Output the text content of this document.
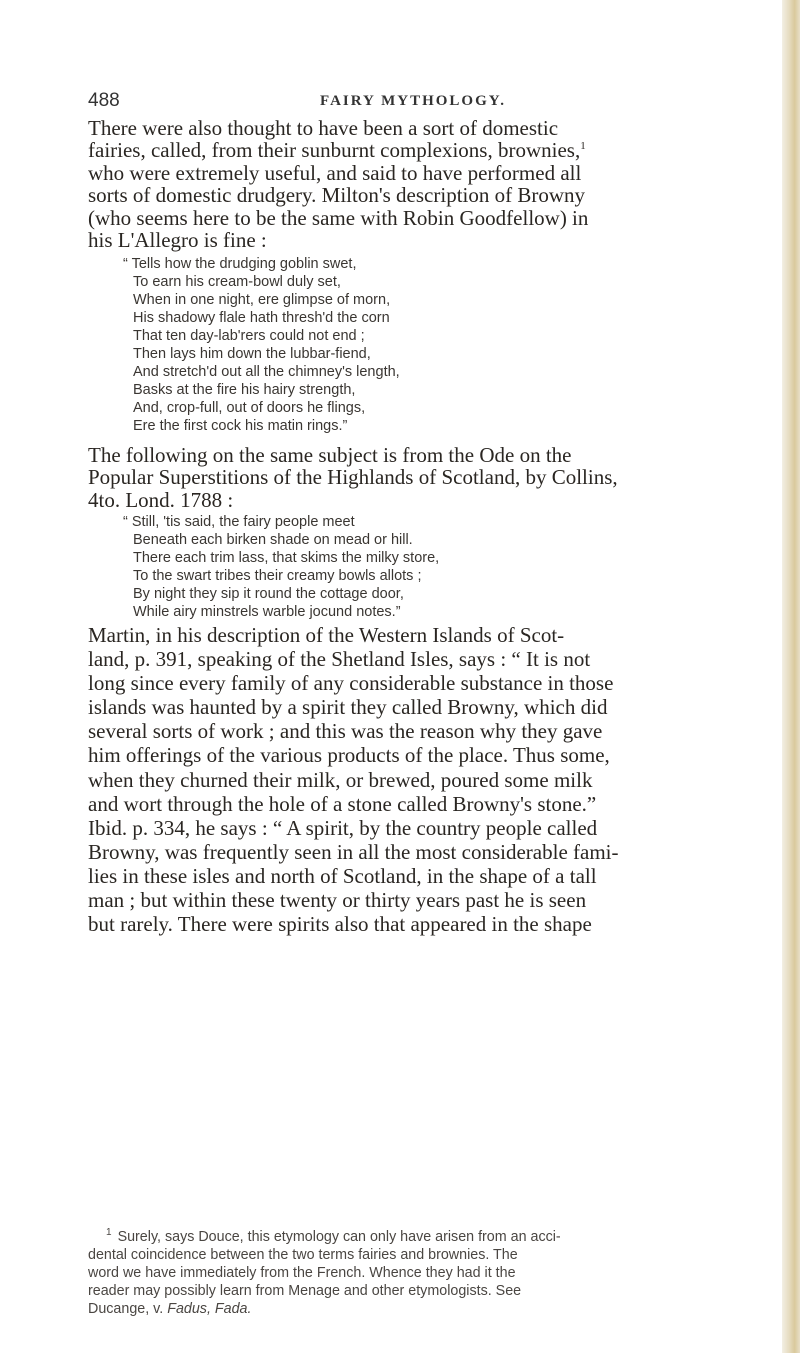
488	FAIRY MYTHOLOGY.
There were also thought to have been a sort of domestic
fairies, called, from their sunburnt complexions, brownies,$^1$
who were extremely useful, and said to have performed all
sorts of domestic drudgery. Milton's description of Browny
(who seems here to be the same with Robin Goodfellow) in
his L'Allegro is fine :
“ Tells how the drudging goblin swet,
To earn his cream-bowl duly set,
When in one night, ere glimpse of morn,
His shadowy flale hath thresh'd the corn
That ten day-lab'rers could not end ;
Then lays him down the lubbar-fiend,
And stretch'd out all the chimney's length,
Basks at the fire his hairy strength,
And, crop-full, out of doors he flings,
Ere the first cock his matin rings.”
The following on the same subject is from the Ode on the
Popular Superstitions of the Highlands of Scotland, by Collins,
4to. Lond. 1788 :
“ Still, 'tis said, the fairy people meet
Beneath each birken shade on mead or hill.
There each trim lass, that skims the milky store,
To the swart tribes their creamy bowls allots ;
By night they sip it round the cottage door,
While airy minstrels warble jocund notes.”
Martin, in his description of the Western Islands of Scot-
land, p. 391, speaking of the Shetland Isles, says : “ It is not
long since every family of any considerable substance in those
islands was haunted by a spirit they called Browny, which did
several sorts of work ; and this was the reason why they gave
him offerings of the various products of the place. Thus some,
when they churned their milk, or brewed, poured some milk
and wort through the hole of a stone called Browny's stone.”
Ibid. p. 334, he says : “ A spirit, by the country people called
Browny, was frequently seen in all the most considerable fami-
lies in these isles and north of Scotland, in the shape of a tall
man ; but within these twenty or thirty years past he is seen
but rarely. There were spirits also that appeared in the shape
$^1$ Surely, says Douce, this etymology can only have arisen from an acci-
dental coincidence between the two terms fairies and brownies. The
word we have immediately from the French. Whence they had it the
reader may possibly learn from Menage and other etymologists. See
Ducange, v. Fadus, Fada.
